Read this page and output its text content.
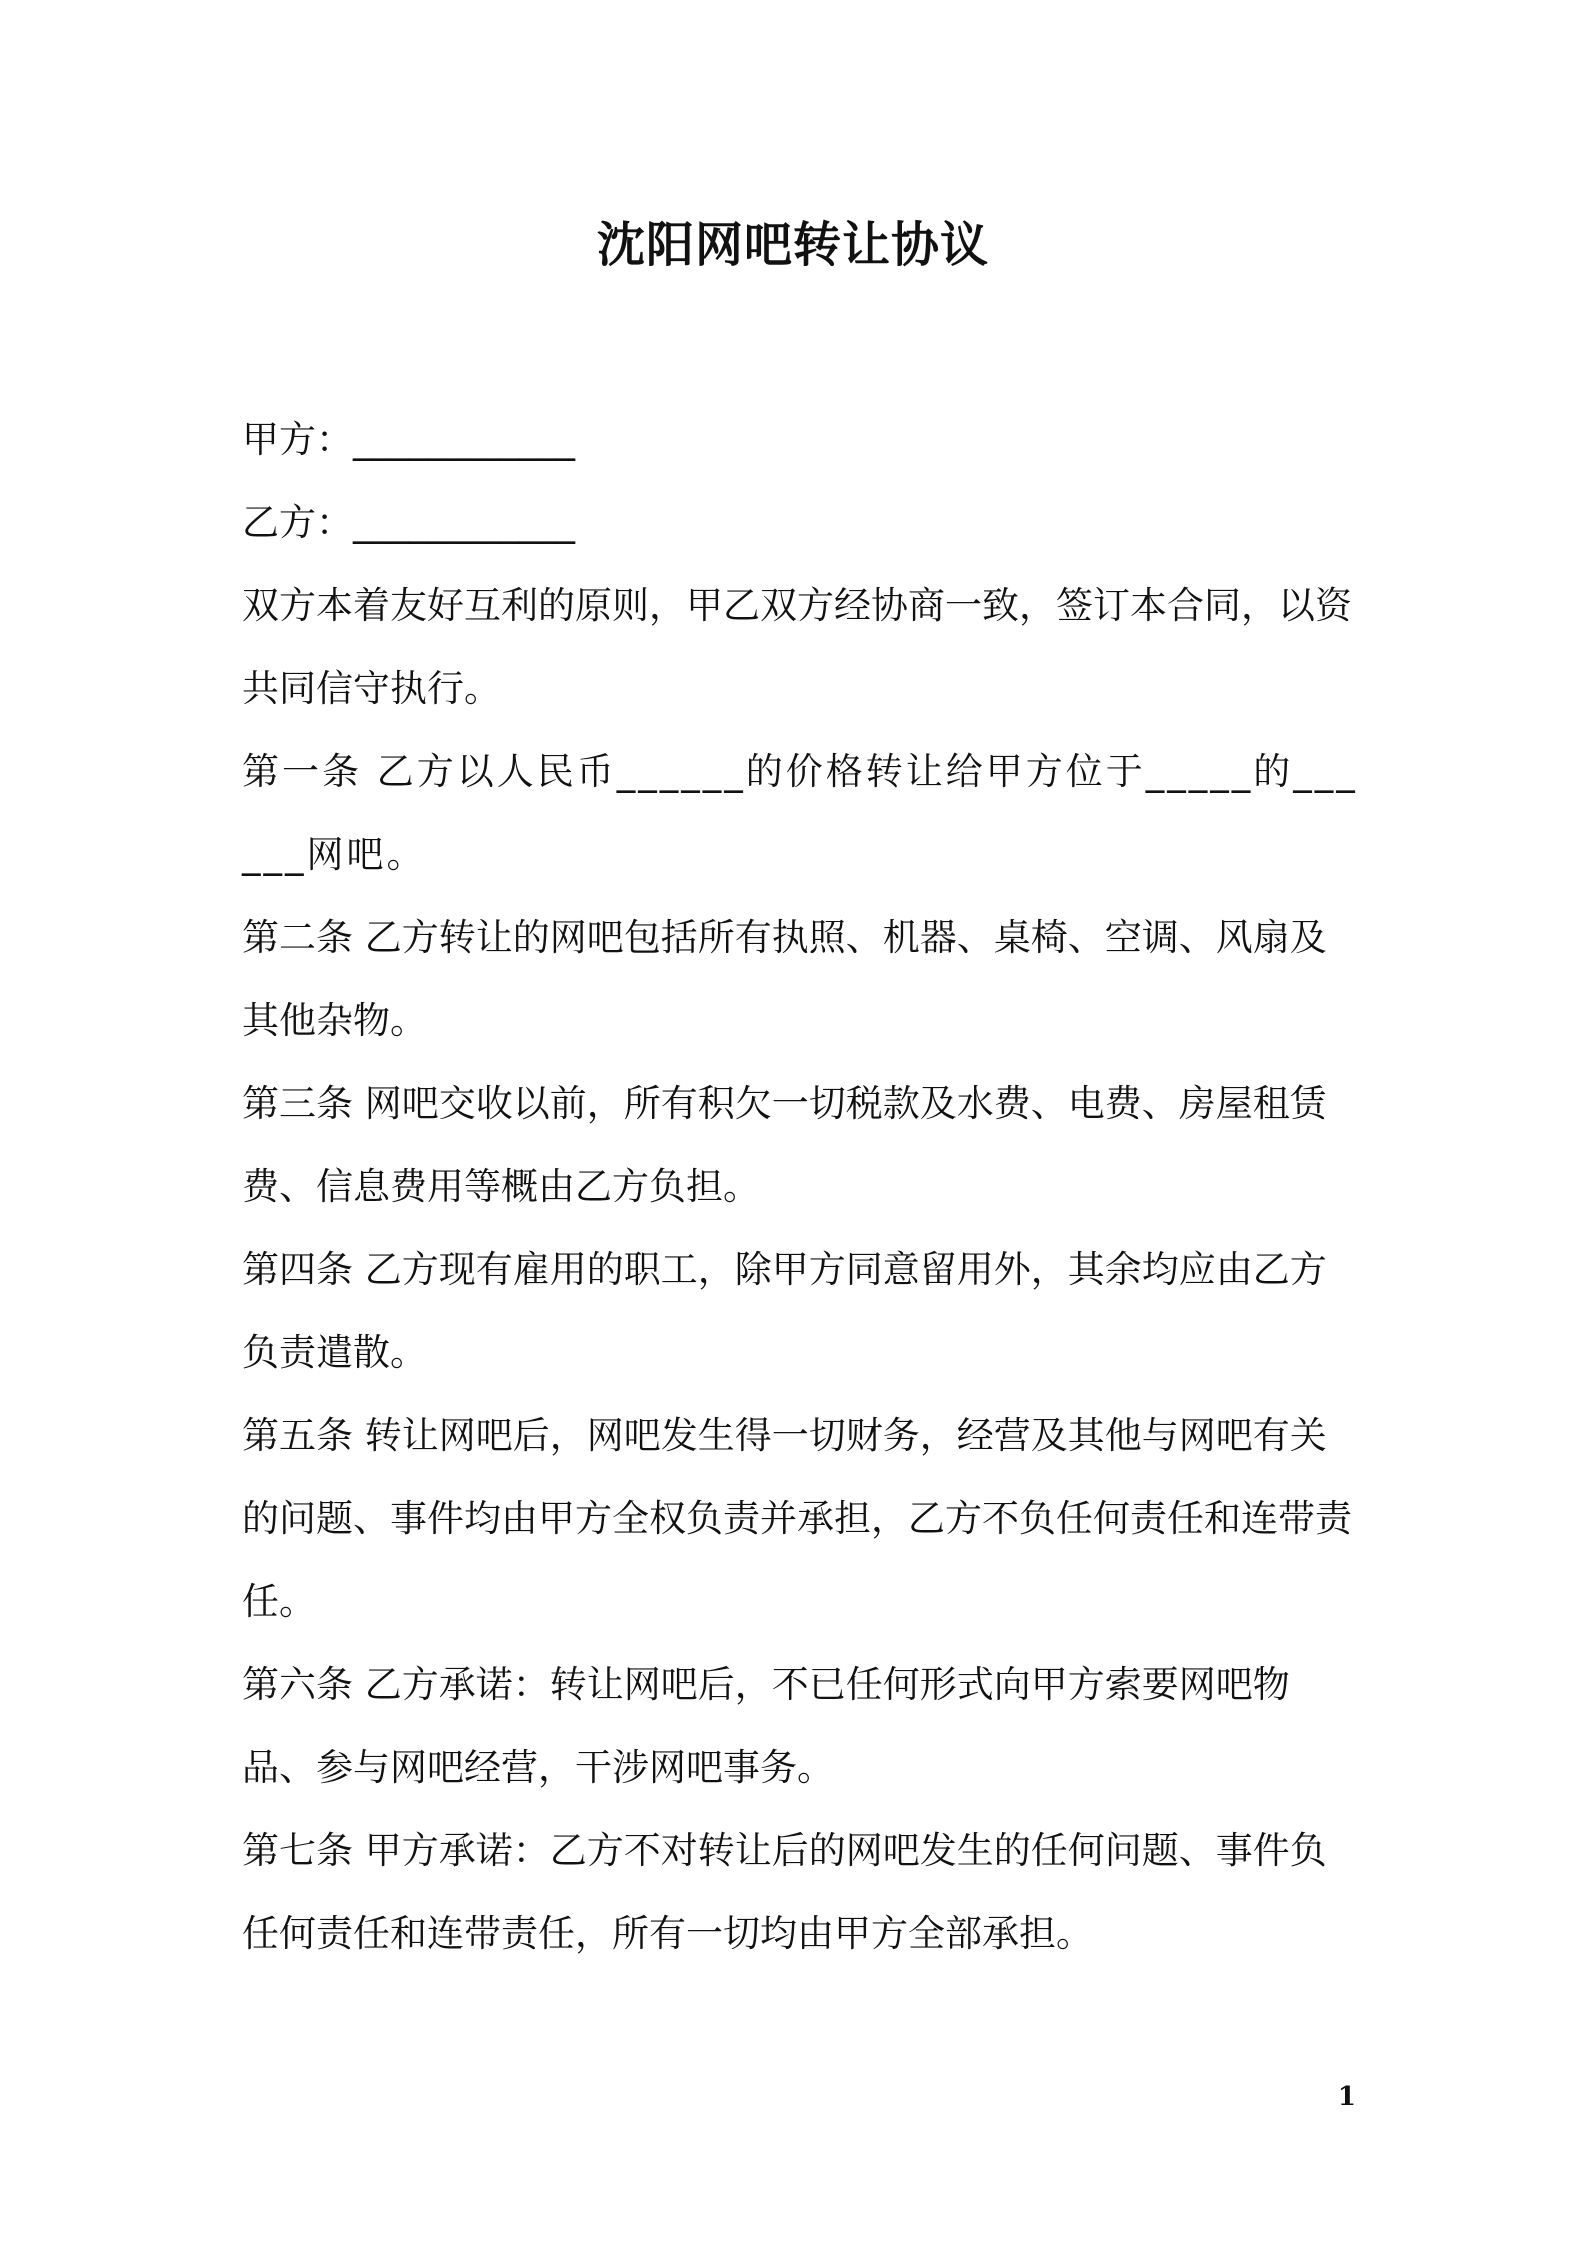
沈阳网吧转让协议

甲方：____________

乙方：____________

双方本着友好互利的原则，甲乙双方经协商一致，签订本合同，以资共同信守执行。

第一条 乙方以人民币______的价格转让给甲方位于_____的______网吧。

第二条 乙方转让的网吧包括所有执照、机器、桌椅、空调、风扇及其他杂物。

第三条 网吧交收以前，所有积欠一切税款及水费、电费、房屋租赁费、信息费用等概由乙方负担。

第四条 乙方现有雇用的职工，除甲方同意留用外，其余均应由乙方负责遣散。

第五条 转让网吧后，网吧发生得一切财务，经营及其他与网吧有关的问题、事件均由甲方全权负责并承担，乙方不负任何责任和连带责任。

第六条 乙方承诺：转让网吧后，不已任何形式向甲方索要网吧物品、参与网吧经营，干涉网吧事务。

第七条 甲方承诺：乙方不对转让后的网吧发生的任何问题、事件负任何责任和连带责任，所有一切均由甲方全部承担。

1
